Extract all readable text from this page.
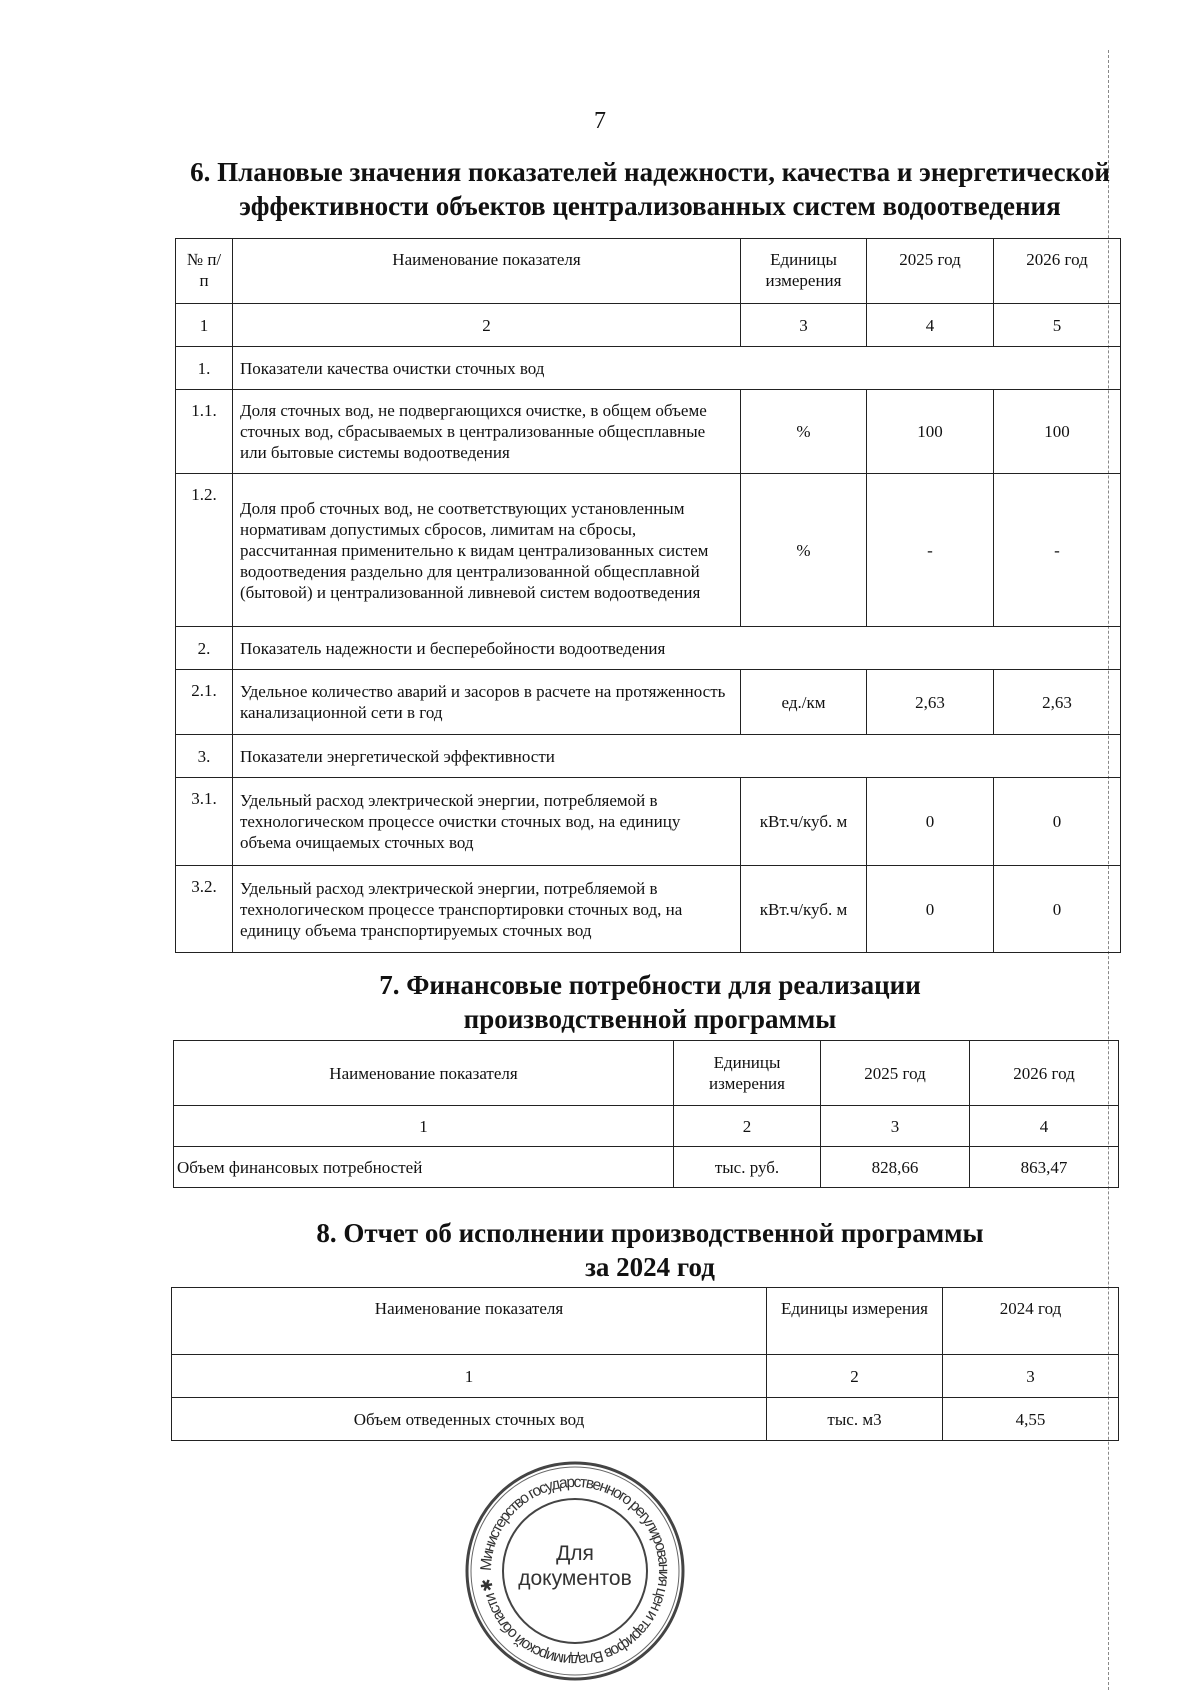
7
6. Плановые значения показателей надежности, качества и энергетической
эффективности объектов централизованных систем водоотведения
№ п/п	Наименование показателя	Единицы измерения	2025 год	2026 год
1	2	3	4	5
1.	Показатели качества очистки сточных вод			
1.1.	Доля сточных вод, не подвергающихся очистке, в общем объеме сточных вод, сбрасываемых в централизованные общесплавные или бытовые системы водоотведения	%	100	100
1.2.	Доля проб сточных вод, не соответствующих установленным нормативам допустимых сбросов, лимитам на сбросы, рассчитанная применительно к видам централизованных систем водоотведения раздельно для централизованной общесплавной (бытовой) и централизованной ливневой систем водоотведения	%	-	-
2.	Показатель надежности и бесперебойности водоотведения			
2.1.	Удельное количество аварий и засоров в расчете на протяженность канализационной сети в год	ед./км	2,63	2,63
3.	Показатели энергетической эффективности			
3.1.	Удельный расход электрической энергии, потребляемой в технологическом процессе очистки сточных вод, на единицу объема очищаемых сточных вод	кВт.ч/куб. м	0	0
3.2.	Удельный расход электрической энергии, потребляемой в технологическом процессе транспортировки сточных вод, на единицу объема транспортируемых сточных вод	кВт.ч/куб. м	0	0
7. Финансовые потребности для реализации
производственной программы
Наименование показателя	Единицы измерения	2025 год	2026 год
1	2	3	4
Объем финансовых потребностей	тыс. руб.	828,66	863,47
8. Отчет об исполнении производственной программы
за 2024 год
Наименование показателя	Единицы измерения	2024 год
1	2	3
Объем отведенных сточных вод	тыс. м3	4,55
Министерство государственного регулирования цен и тарифов Владимирской области ✱
Для
документов
